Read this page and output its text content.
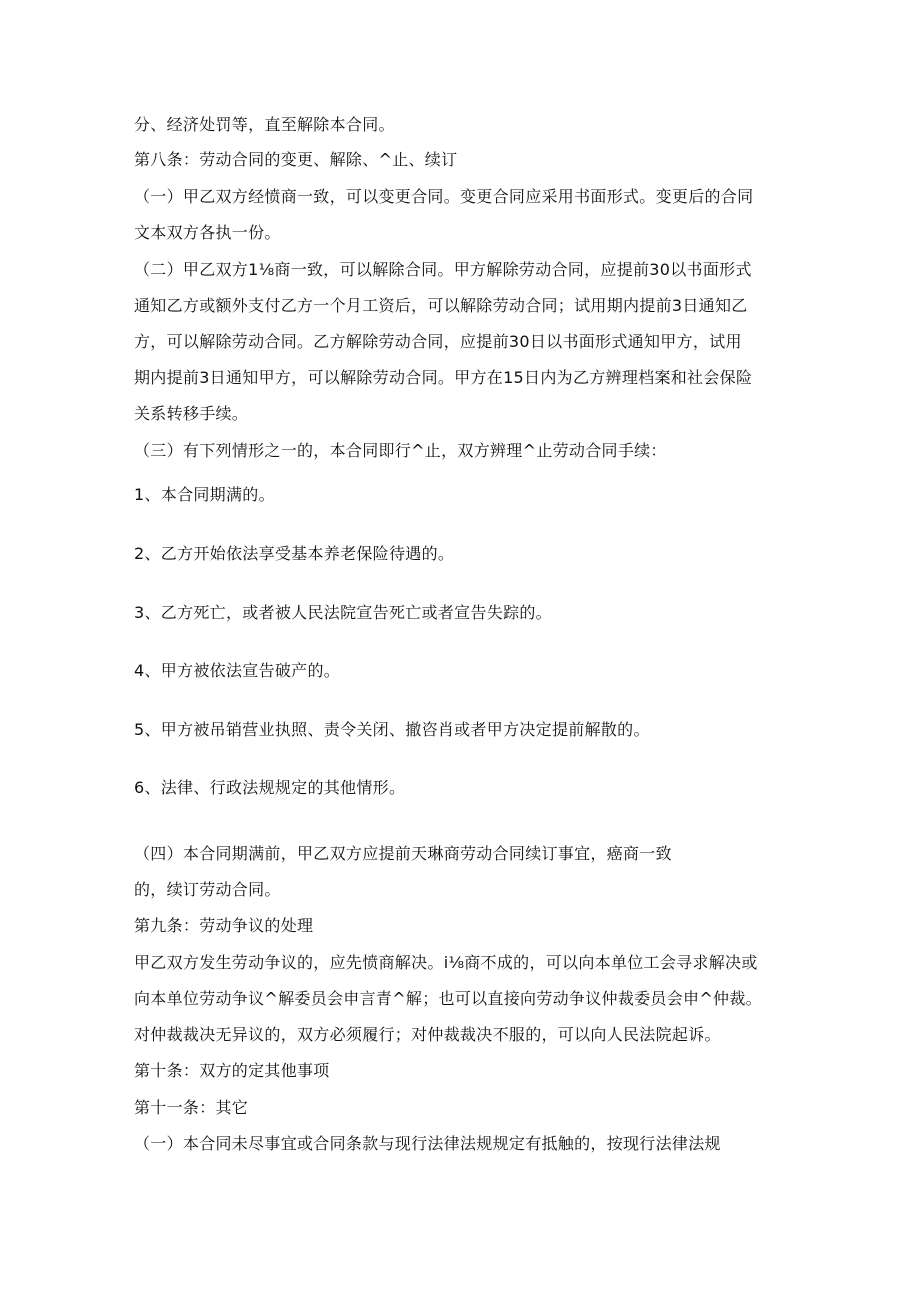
分、经济处罚等，直至解除本合同。
第八条：劳动合同的变更、解除、^止、续订
（一）甲乙双方经愤商一致，可以变更合同。变更合同应采用书面形式。变更后的合同
文本双方各执一份。
（二）甲乙双方1⅛商一致，可以解除合同。甲方解除劳动合同，应提前30以书面形式
通知乙方或额外支付乙方一个月工资后，可以解除劳动合同；试用期内提前3日通知乙
方，可以解除劳动合同。乙方解除劳动合同，应提前30日以书面形式通知甲方，试用
期内提前3日通知甲方，可以解除劳动合同。甲方在15日内为乙方辨理档案和社会保险
关系转移手续。
（三）有下列情形之一的，本合同即行^止，双方辨理^止劳动合同手续：
1、本合同期满的。
2、乙方开始依法享受基本养老保险待遇的。
3、乙方死亡，或者被人民法院宣告死亡或者宣告失踪的。
4、甲方被依法宣告破产的。
5、甲方被吊销营业执照、责令关闭、撤咨肖或者甲方决定提前解散的。
6、法律、行政法规规定的其他情形。
（四）本合同期满前，甲乙双方应提前天琳商劳动合同续订事宜，癌商一致
的，续订劳动合同。
第九条：劳动争议的处理
甲乙双方发生劳动争议的，应先愤商解决。i⅛商不成的，可以向本单位工会寻求解决或
向本单位劳动争议^解委员会申言青^解；也可以直接向劳动争议仲裁委员会申^仲裁。
对仲裁裁决无异议的，双方必须履行；对仲裁裁决不服的，可以向人民法院起诉。
第十条：双方的定其他事项
第十一条：其它
（一）本合同未尽事宜或合同条款与现行法律法规规定有抵触的，按现行法律法规
